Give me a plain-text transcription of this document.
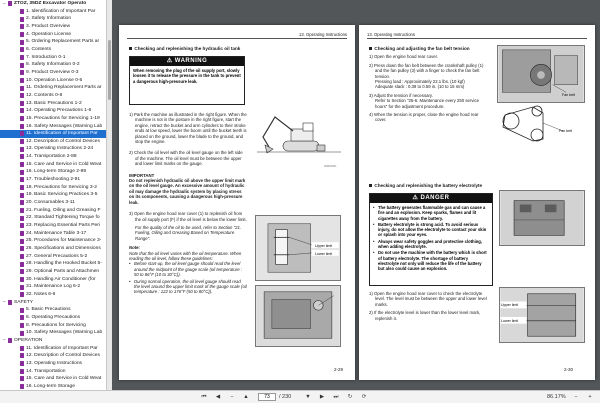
− ZTOZ, 35DZ Excavator Operato
1. Identification of Important Par
2. Safety Information
3. Product Overview
4. Operation License
5. Ordering Replacement Parts ar
6. Contents
7. Introduction 0-1
8. Safety Information 0-2
9. Product Overview 0-3
10. Operation License 0-5
11. Ordering Replacement Parts ar
12. Contents 0-8
13. Basic Precautions 1-2
14. Operating Precautions 1-6
15. Precautions for Servicing 1-19
16. Safety Messages (Warning Lab
11. Identification of Important Par
12. Description of Control Devices
13. Operating Instructions 2-24
14. Transportation 2-88
15. Care and Service in Cold Weat
16. Long-term Storage 2-89
17. Troubleshooting 2-91
18. Precautions for Servicing 3-2
19. Basic Servicing Practices 3-5
20. Consumables 3-11
21. Fueling, Oiling and Greasing F
22. Standard Tightening Torque fo
23. Replacing Essential Parts Peri
24. Maintenance Table 3-17
25. Procedures for Maintenance 3-
26. Specifications and Dimensions
27. General Precautions 5-2
28. Handling the Hooked Bucket 5-
29. Optional Parts and Attachmen
30. Handling Air Conditioner (for
31. Maintenance Log 6-2
32. Notes 6-6
− SAFETY
5. Basic Precautions
6. Operating Precautions
8. Precautions for Servicing
10. Safety Messages (Warning Lab
− OPERATION
11. Identification of Important Par
12. Description of Control Devices
13. Operating Instructions
14. Transportation
15. Care and Service in Cold Weat
16. Long-term Storage
13. Operating Instructions
Checking and replenishing the hydraulic oil tank
⚠ WARNING
When removing the plug of the oil supply port, slowly loosen it to release the pressure in the tank to prevent a dangerous high-pressure leak.
1) Park the machine as illustrated in the right figure. When the machine is not in the posture in the right figure, start the engine, retract the bucket and arm cylinders to their stroke ends at low speed, lower the boom until the bucket teeth is placed on the ground, lower the blade to the ground, and stop the engine.
2) Check the oil level with the oil level gauge on the left side of the machine. The oil level must be between the upper and lower limit marks on the gauge.
IMPORTANT
Do not replenish hydraulic oil above the upper limit mark on the oil level gauge. An excessive amount of hydraulic oil may damage the hydraulic system by placing stress on its components, causing a dangerous high-pressure leak.
3) Open the engine hood rear cover (1) to replenish oil from the oil supply port (F) if the oil level is below the lower limit.
For the quality of the oil to be used, refer to Section "21. Fueling, Oiling and Greasing Based on Temperature Range".
Note:
Note that the oil level varies with the oil temperature. When reading the oil level, follow these guidelines:
• Before start-up, the oil level gauge should read the level around the midpoint of the gauge scale (oil temperature : 50 to 86°F (10 to 30°C)).
• During normal operation, the oil level gauge should read the level around the upper limit mark of the gauge scale (oil temperature : 122 to 176°F (50 to 80°C)).
3DBA0001
Upper limit
Lower limit
2-29
13. Operating Instructions
Checking and adjusting the fan belt tension
1) Open the engine hood rear cover.
2) Press down the fan belt between the crankshaft pulley (1) and the fan pulley (3) with a finger to check the fan belt tension.
Pressing load : Approximately 22.1 lbs. (10 kgf)
Adequate slack : 0.39 to 0.59 in. (10 to 15 mm)
3) Adjust the tension if necessary.
Refer to Section "25-6. Maintenance every 250 service hours" for the adjustment procedure.
4) When the tension is proper, close the engine hood rear cover.
Fan belt
Fan belt
Checking and replenishing the battery electrolyte
⚠ DANGER
• The battery generates flammable gas and can cause a fire and an explosion. Keep sparks, flames and lit cigarettes away from the battery.
• Battery electrolyte is strong acid. To avoid serious injury, do not allow the electrolyte to contact your skin or splash into your eyes.
• Always wear safety goggles and protective clothing, when adding electrolyte.
• Do not use the machine with the battery which is short of battery electrolyte. The shortage of battery electrolyte not only will reduce the life of the battery but also could cause an explosion.
1) Open the engine hood rear cover to check the electrolyte level. The level must be between the upper and lower level marks.
2) If the electrolyte level is lower than the lower level mark, replenish it.
Upper limit
Lower limit
2-30
⏮	◀	−	▲
73	/ 230	▼	▶	⏭	↻	⟳	86.17%	−	+
